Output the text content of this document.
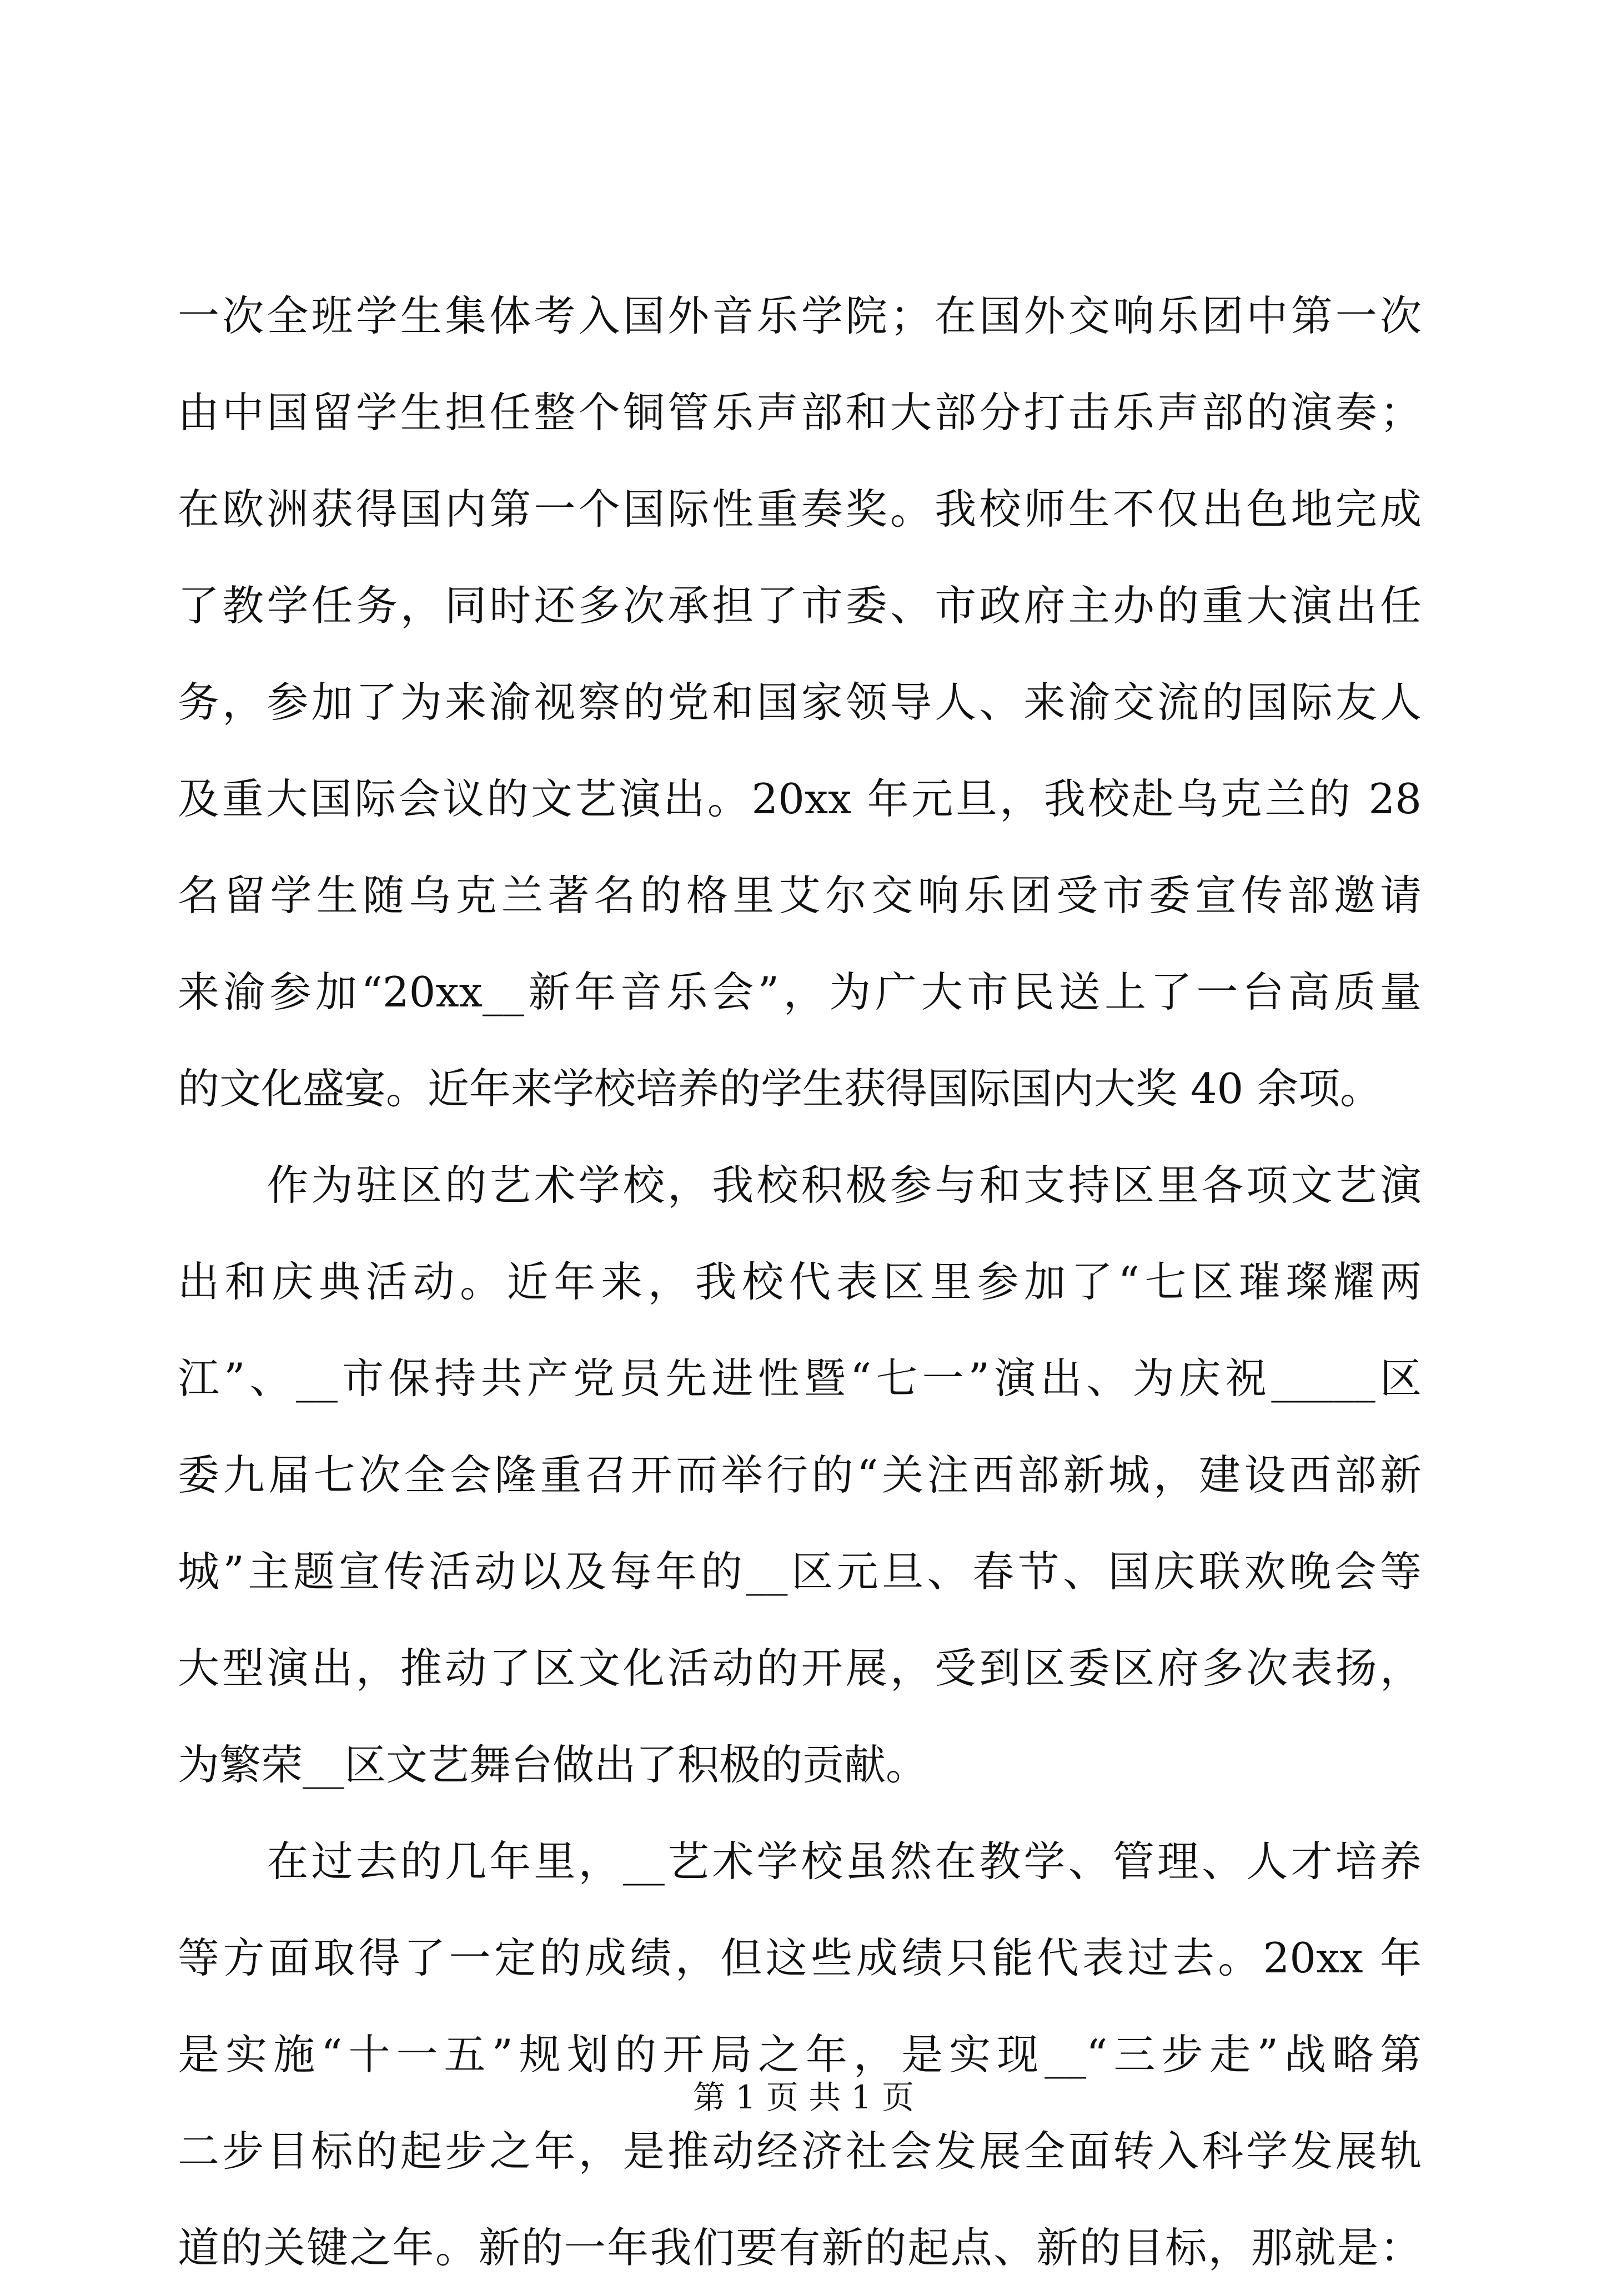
一次全班学生集体考入国外音乐学院；在国外交响乐团中第一次
由中国留学生担任整个铜管乐声部和大部分打击乐声部的演奏；
在欧洲获得国内第一个国际性重奏奖。我校师生不仅出色地完成
了教学任务，同时还多次承担了市委、市政府主办的重大演出任
务，参加了为来渝视察的党和国家领导人、来渝交流的国际友人
及重大国际会议的文艺演出。20xx 年元旦，我校赴乌克兰的 28
名留学生随乌克兰著名的格里艾尔交响乐团受市委宣传部邀请
来渝参加“20xx__新年音乐会”，为广大市民送上了一台高质量
的文化盛宴。近年来学校培养的学生获得国际国内大奖 40 余项。
　　作为驻区的艺术学校，我校积极参与和支持区里各项文艺演
出和庆典活动。近年来，我校代表区里参加了“七区璀璨耀两
江”、__市保持共产党员先进性暨“七一”演出、为庆祝_____区
委九届七次全会隆重召开而举行的“关注西部新城，建设西部新
城”主题宣传活动以及每年的__区元旦、春节、国庆联欢晚会等
大型演出，推动了区文化活动的开展，受到区委区府多次表扬，
为繁荣__区文艺舞台做出了积极的贡献。
　　在过去的几年里，__艺术学校虽然在教学、管理、人才培养
等方面取得了一定的成绩，但这些成绩只能代表过去。20xx 年
是实施“十一五”规划的开局之年，是实现__“三步走”战略第
二步目标的起步之年，是推动经济社会发展全面转入科学发展轨
道的关键之年。新的一年我们要有新的起点、新的目标，那就是：
第 1 页 共 1 页
